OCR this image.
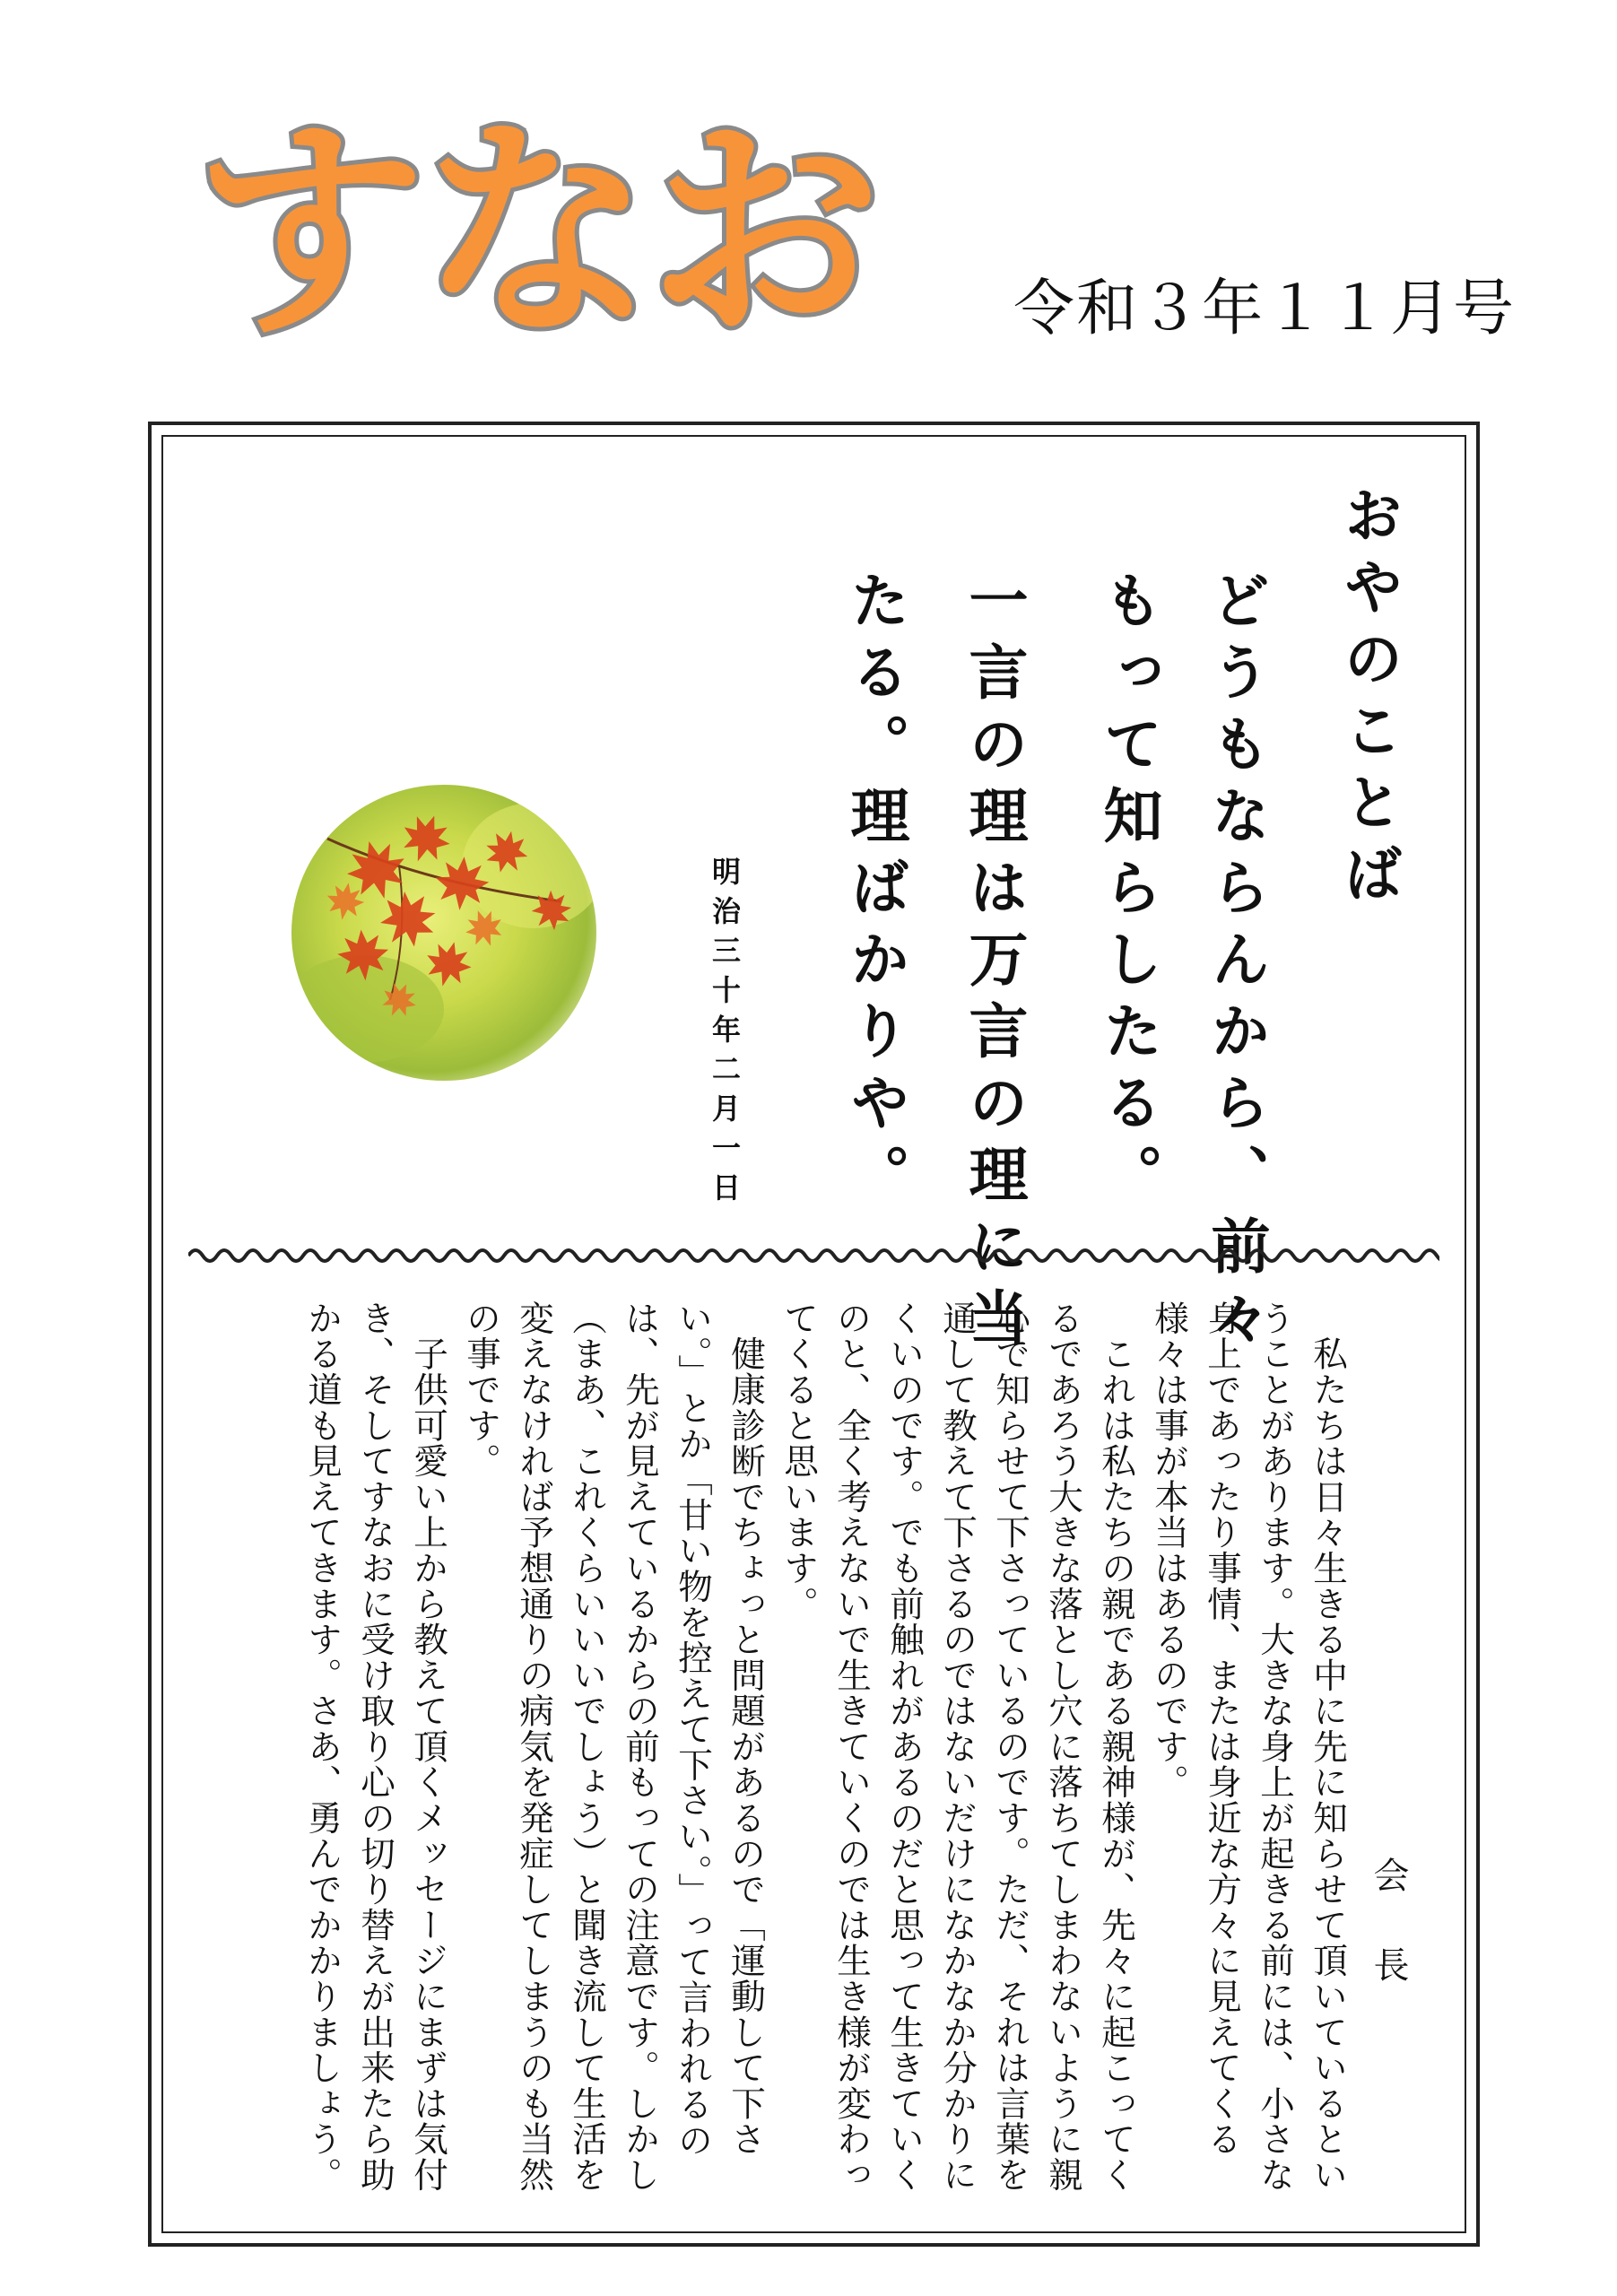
すなお	令和３年１１月号
おやのことば
どうもならんから、前々
もって知らしたる。
一言の理は万言の理に当
たる。理ばかりや。
明治三十年二月一日
会長

　私たちは日々生きる中に先に知らせて頂いているということがあります。大きな身上が起きる前には、小さな身上であったり事情、または身近な方々に見えてくる様々は事が本当はあるのです。

　これは私たちの親である親神様が、先々に起こってくるであろう大きな落とし穴に落ちてしまわないように親心で知らせて下さっているのです。ただ、それは言葉を通して教えて下さるのではないだけになかなか分かりにくいのです。でも前触れがあるのだと思って生きていくのと、全く考えないで生きていくのでは生き様が変わってくると思います。

　健康診断でちょっと問題があるので「運動して下さい。」とか「甘い物を控えて下さい。」って言われるのは、先が見えているからの前もっての注意です。しかし（まあ、これくらいいいでしょう）と聞き流して生活を変えなければ予想通りの病気を発症してしまうのも当然の事です。

　子供可愛い上から教えて頂くメッセージにまずは気付き、そしてすなおに受け取り心の切り替えが出来たら助かる道も見えてきます。さあ、勇んでかかりましょう。
